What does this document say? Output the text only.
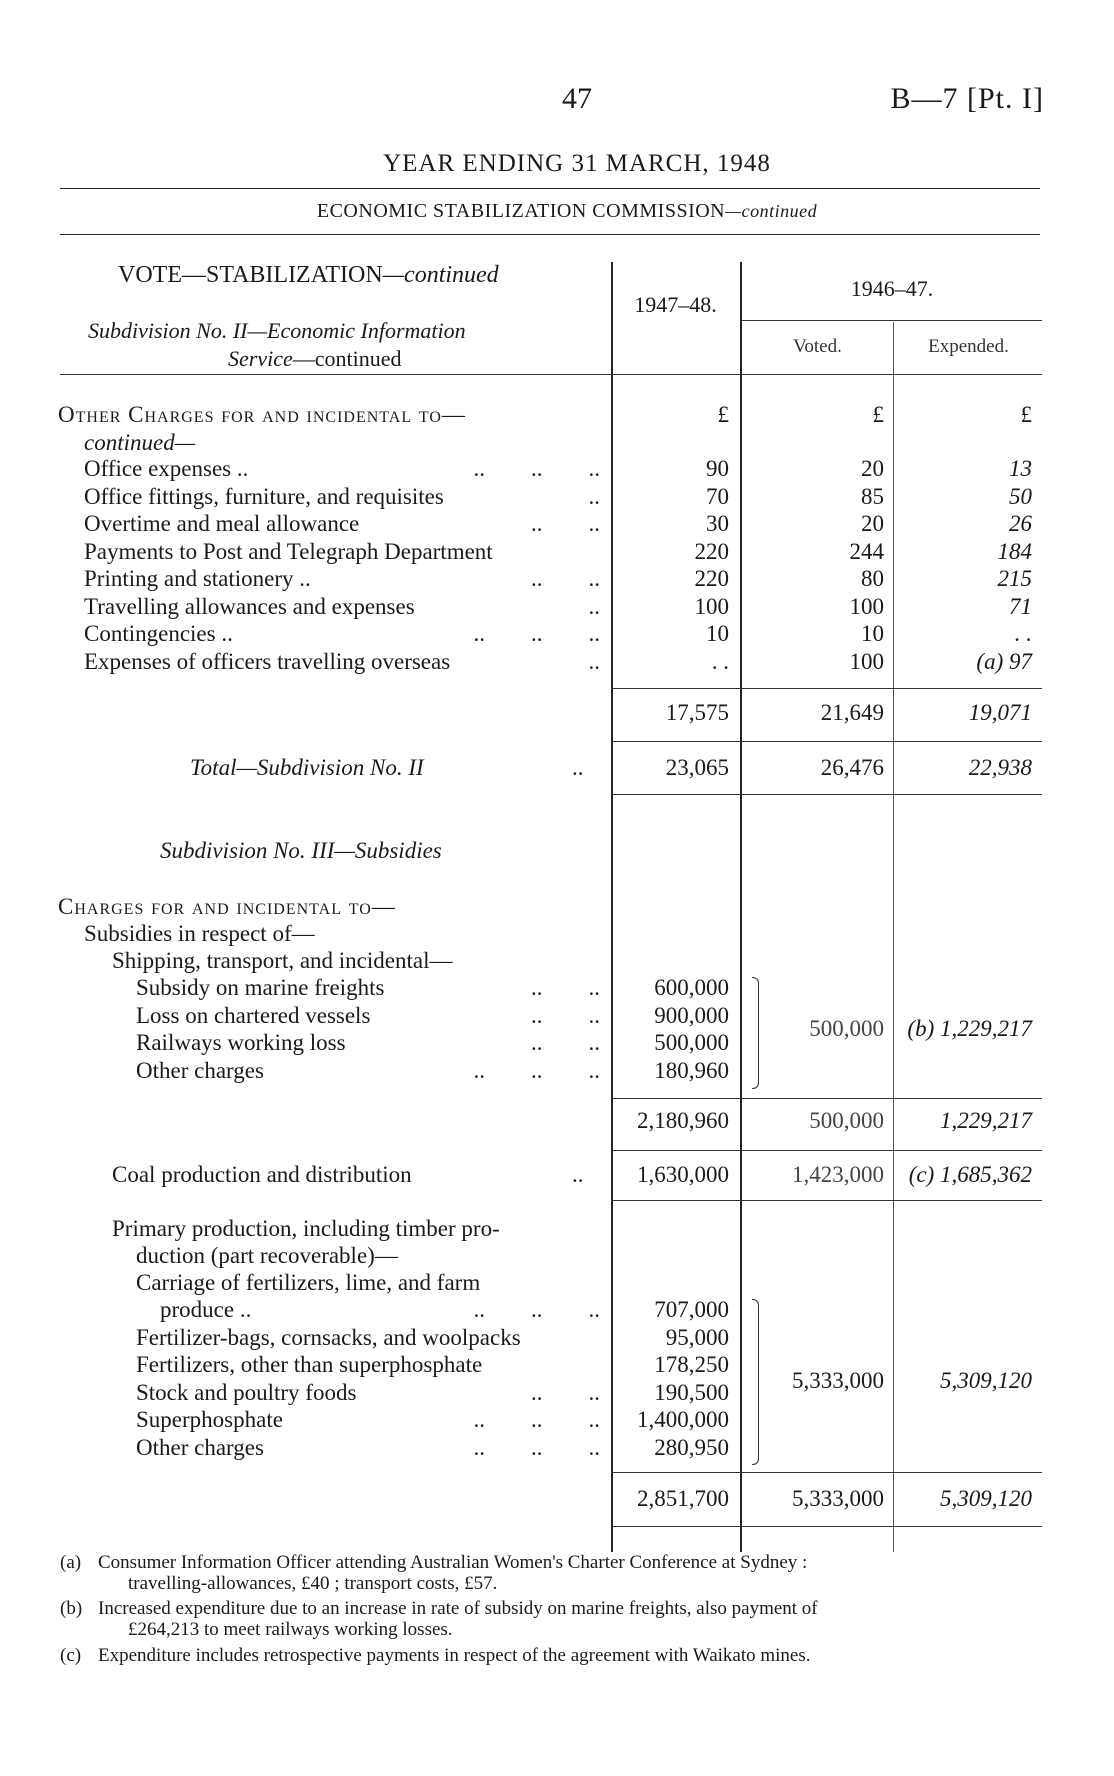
47	B—7 [Pt. I]
YEAR ENDING 31 MARCH, 1948
ECONOMIC STABILIZATION COMMISSION—continued
VOTE—STABILIZATION—continued
Subdivision No. II—Economic Information
Service—continued
1947–48.
1946–47.
Voted.	Expended.
Other Charges for and incidental to—
continued—
£	£	£
Office expenses ..	..        ..        ..	90	20	13
Office fittings, furniture, and requisites	..	70	85	50
Overtime and meal allowance	..        ..	30	20	26
Payments to Post and Telegraph Department	220	244	184
Printing and stationery ..	..        ..	220	80	215
Travelling allowances and expenses	..	100	100	71
Contingencies ..	..        ..        ..	10	10	. .
Expenses of officers travelling overseas	..	. .	100	(a) 97
17,575	21,649	19,071
Total—Subdivision No. II	..	23,065	26,476	22,938
Subdivision No. III—Subsidies
Charges for and incidental to—
Subsidies in respect of—
Shipping, transport, and incidental—
Subsidy on marine freights	..        ..	600,000
Loss on chartered vessels	..        ..	900,000
Railways working loss	..        ..	500,000
Other charges	..        ..        ..	180,960
500,000	(b) 1,229,217
2,180,960	500,000	1,229,217
Coal production and distribution	..	1,630,000	1,423,000	(c) 1,685,362
Primary production, including timber pro-
duction (part recoverable)—
Carriage of fertilizers, lime, and farm
produce ..	..        ..        ..	707,000
Fertilizer-bags, cornsacks, and woolpacks	95,000
Fertilizers, other than superphosphate	178,250
Stock and poultry foods	..        ..	190,500
Superphosphate	..        ..        ..	1,400,000
Other charges	..        ..        ..	280,950
5,333,000	5,309,120
2,851,700	5,333,000	5,309,120
(a) Consumer Information Officer attending Australian Women's Charter Conference at Sydney :
travelling-allowances, £40 ; transport costs, £57.
(b) Increased expenditure due to an increase in rate of subsidy on marine freights, also payment of
£264,213 to meet railways working losses.
(c) Expenditure includes retrospective payments in respect of the agreement with Waikato mines.
